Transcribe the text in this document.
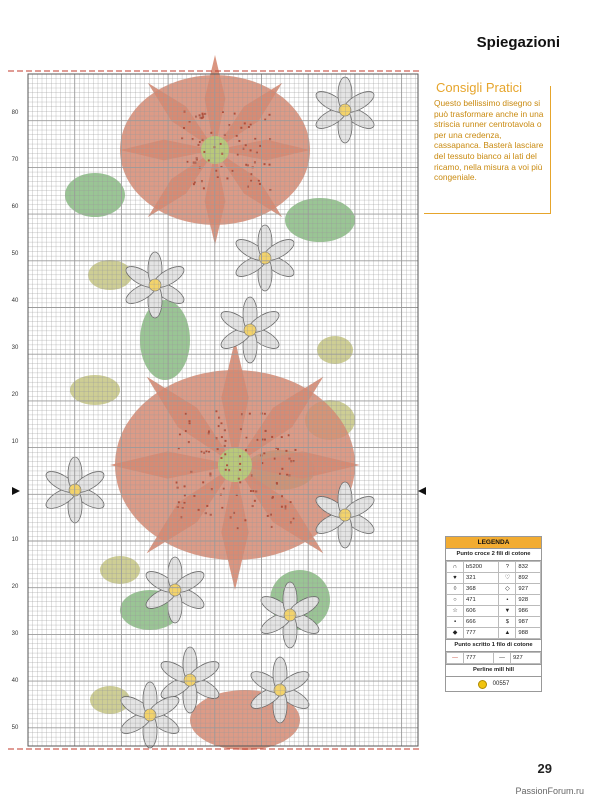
Spiegazioni
80
70
60
50
40
30
20
10
10
20
30
40
50
Consigli Pratici
Questo bellissimo disegno si può trasformare anche in una striscia runner centrotavola o per una credenza, cassapanca. Basterà lasciare del tessuto bianco ai lati del ricamo, nella misura a voi più congeniale.
LEGENDA
Punto croce 2 fili di cotone
∩	b5200	?	832
♥	321	♡	892
◊	368	◇	927
○	471	•	928
☆	606	▼	986
▪	666	$	987
◆	777	▲	988
Punto scritto 1 filo di cotone
—	777	—	927
Perline mill hill
00557
29
PassionForum.ru
